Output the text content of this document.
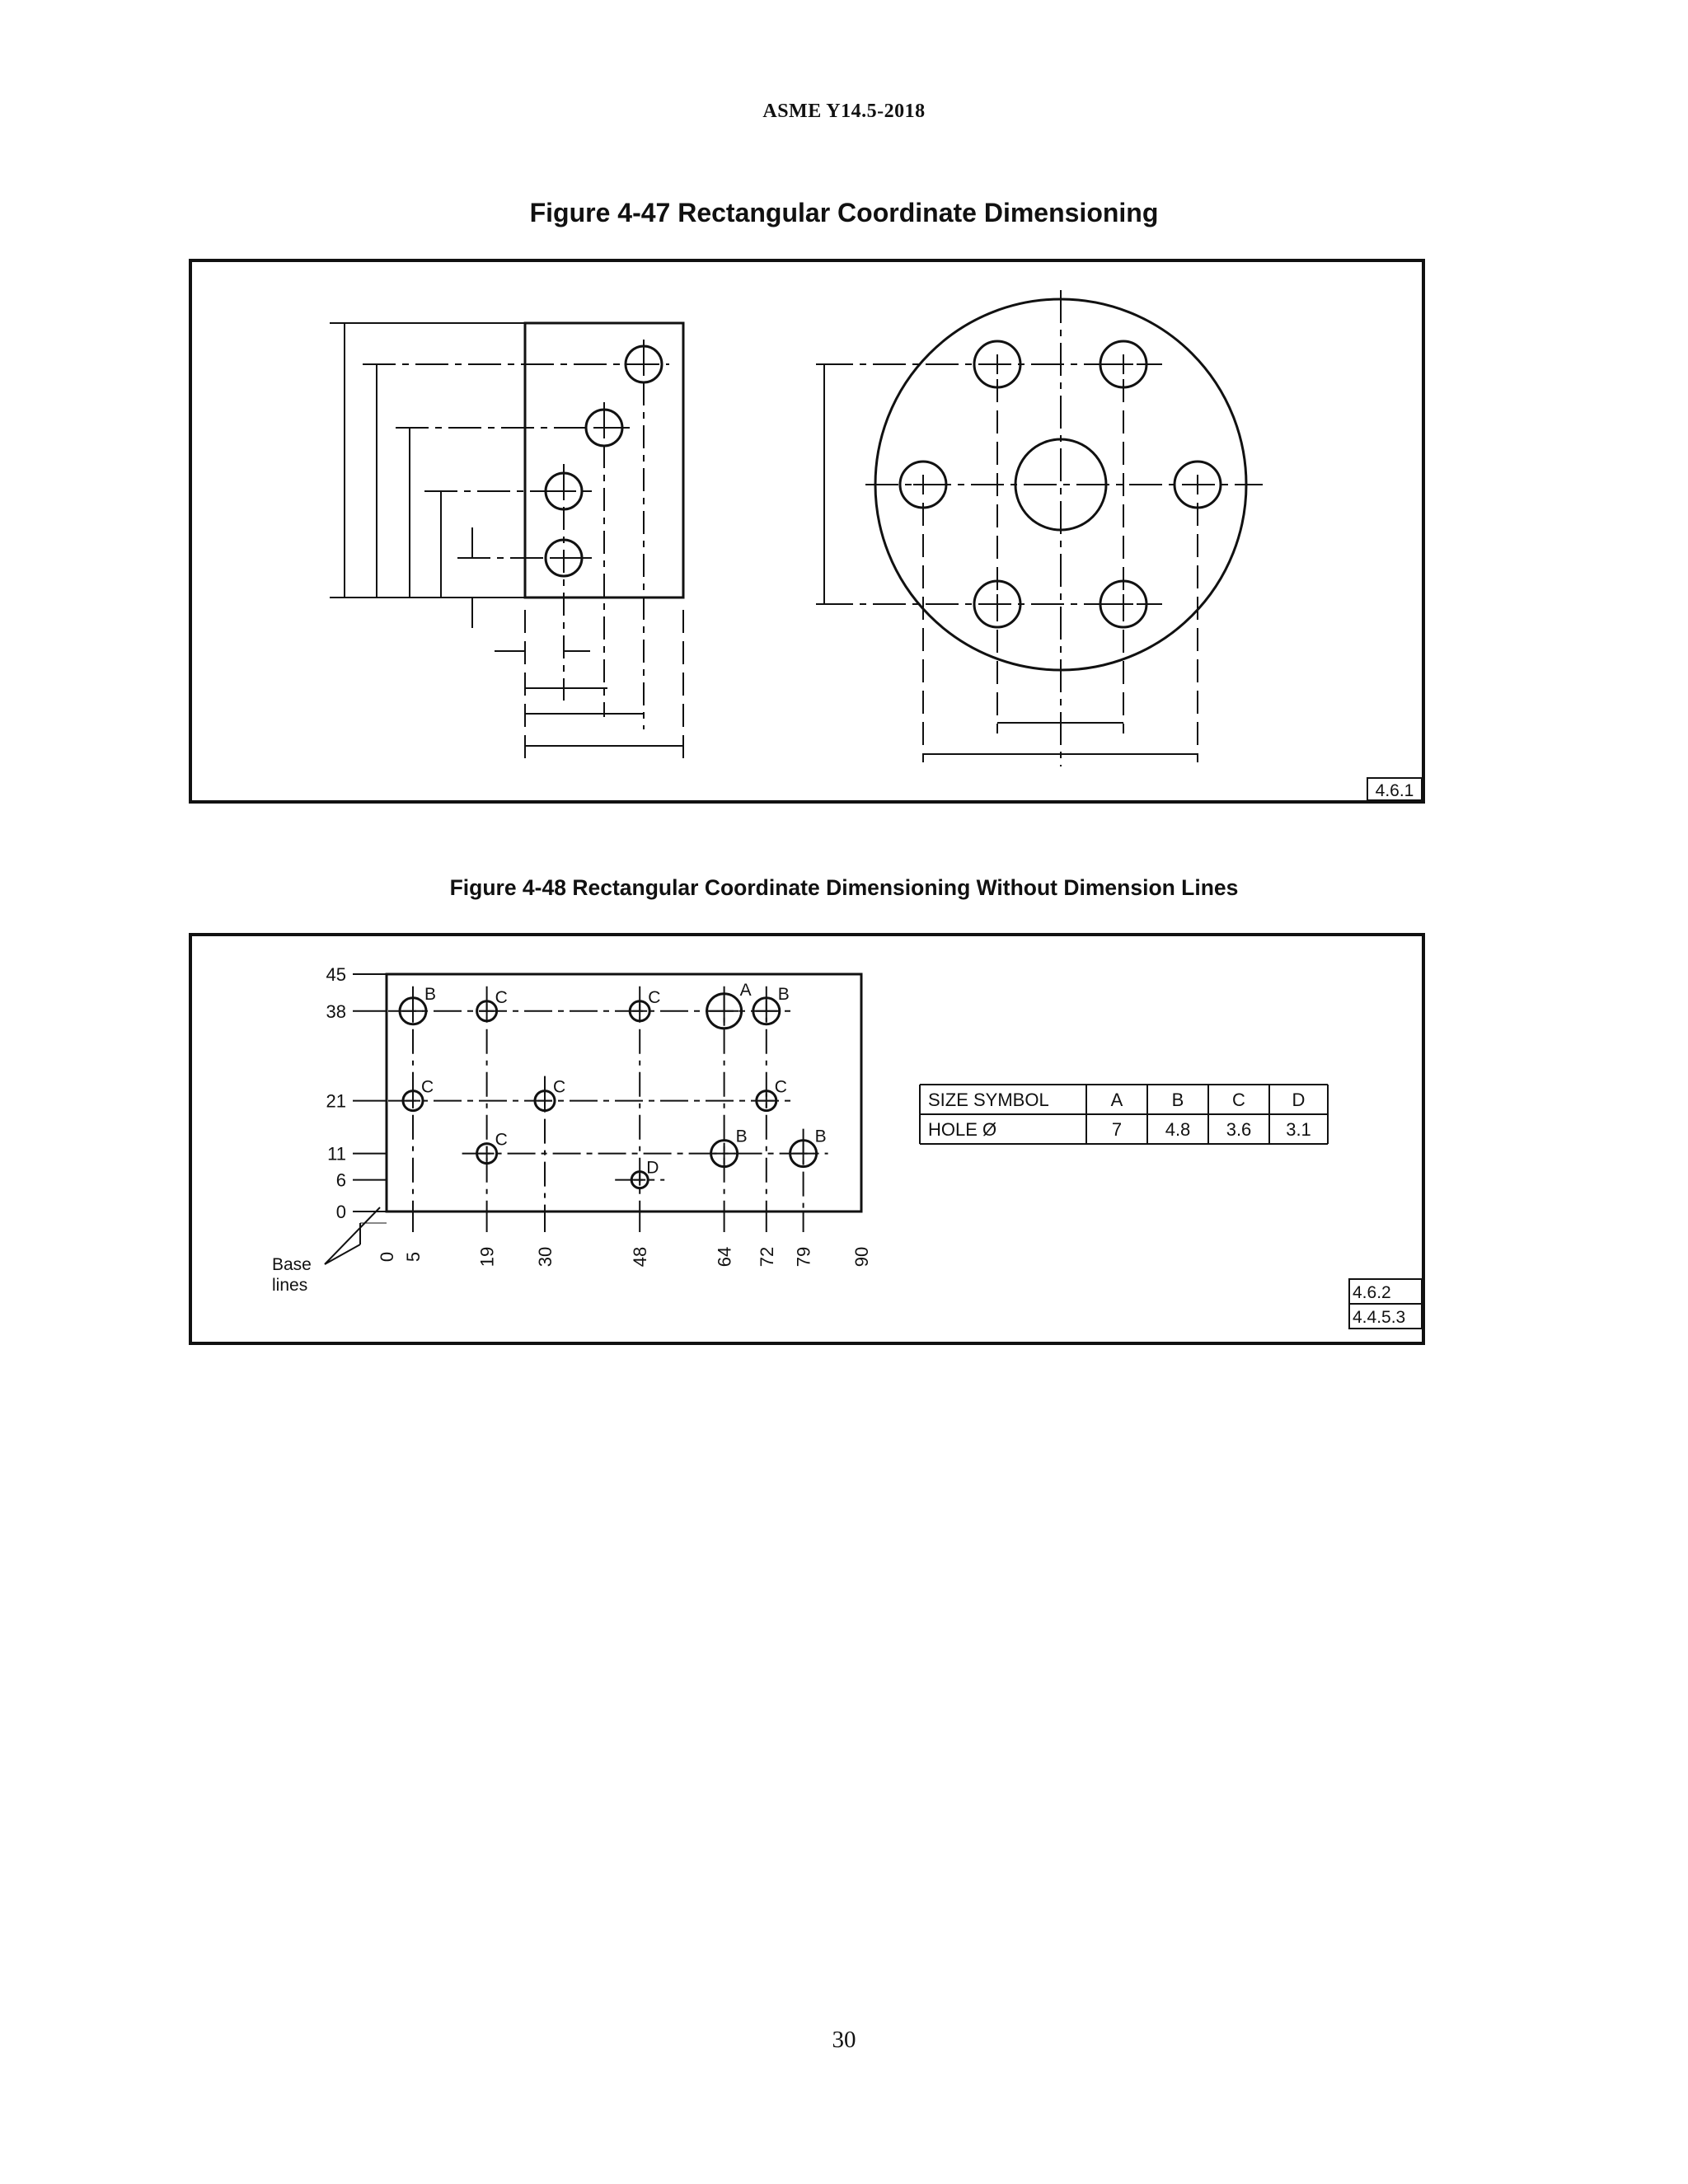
ASME Y14.5-2018
Figure 4-47 Rectangular Coordinate Dimensioning
4.6.1
Figure 4-48 Rectangular Coordinate Dimensioning Without Dimension Lines
4.6.2
4.4.5.3
Base
lines
45
38
21
11
6
0
0 5	19 30	48	64 72 79 90
B	C	C	A B
C	C	C
C	B	B
D
SIZE SYMBOL	A	B	C	D
HOLE Ø	7 4.8 3.6 3.1
30
